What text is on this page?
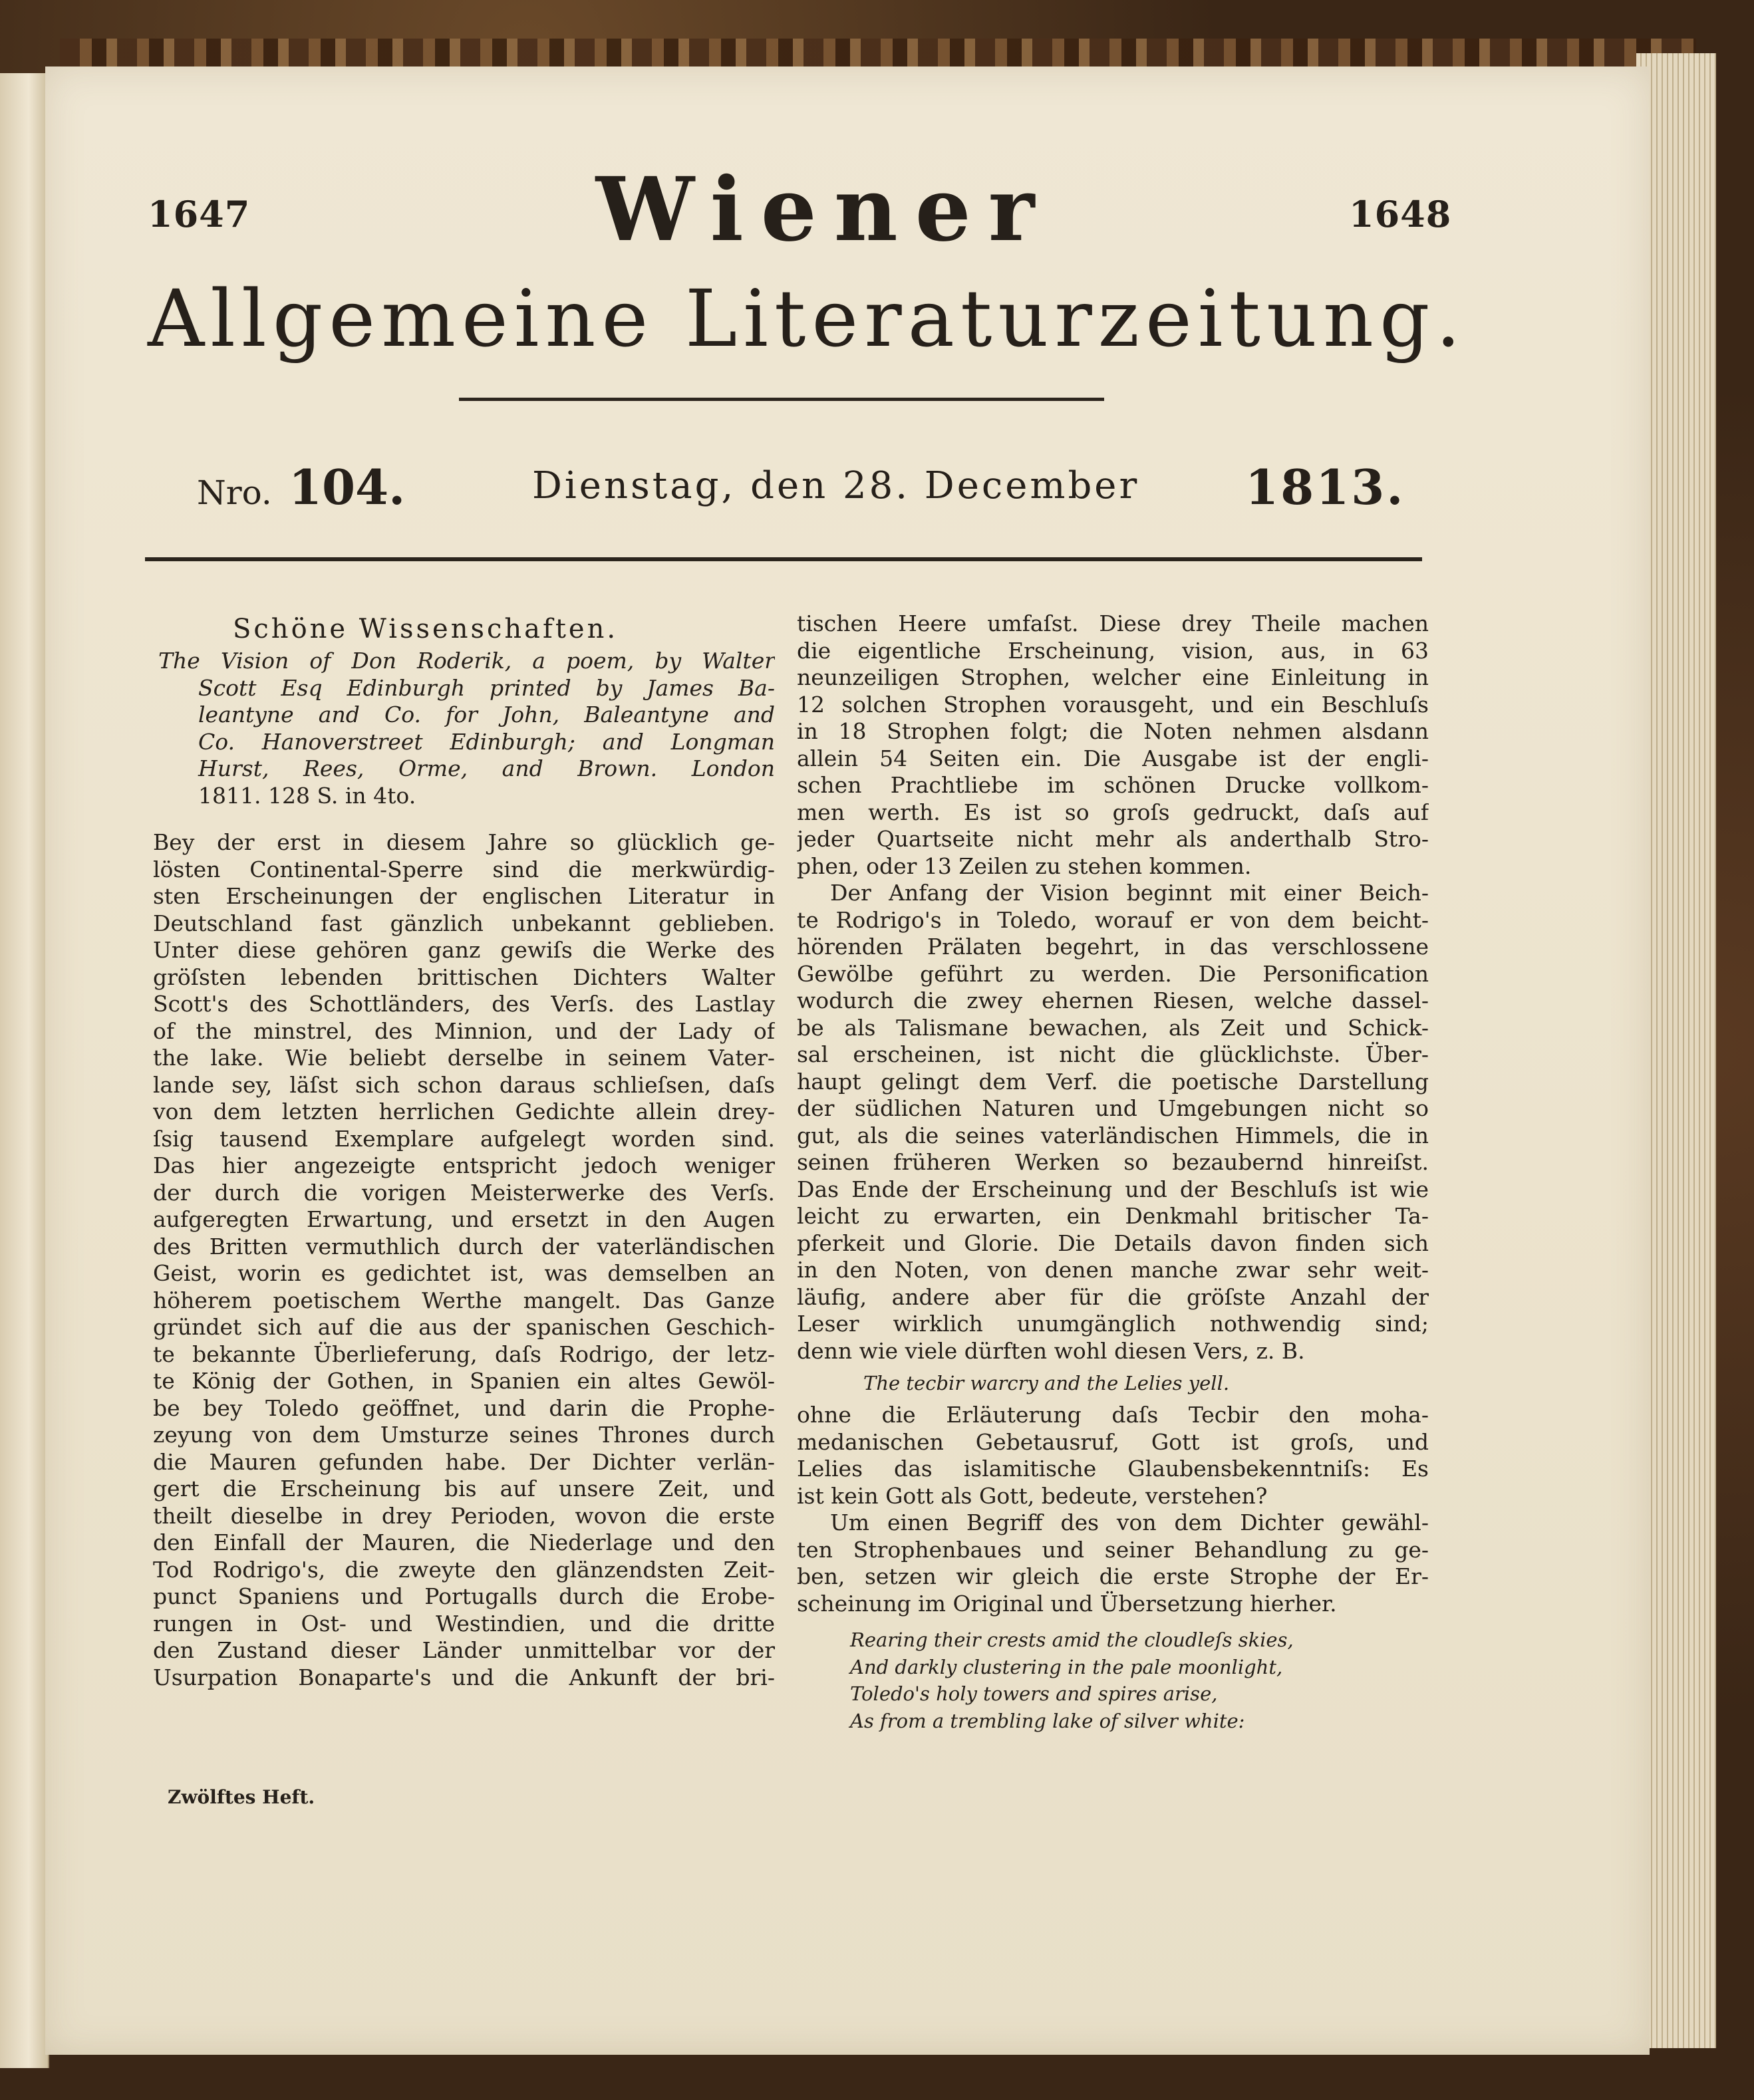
1647	1648
Wiener
Allgemeine Literaturzeitung.
Nro. 104.	Dienstag, den 28. December 1813.
Schöne Wissenschaften.
The Vision of Don Roderik, a poem, by Walter
Scott Esq Edinburgh printed by James Ba-
leantyne and Co. for John, Baleantyne and
Co. Hanoverstreet Edinburgh; and Longman
Hurst, Rees, Orme, and Brown. London
1811. 128 S. in 4to.
Bey der erst in diesem Jahre so glücklich ge-
lösten Continental-Sperre sind die merkwürdig-
sten Erscheinungen der englischen Literatur in
Deutschland fast gänzlich unbekannt geblieben.
Unter diese gehören ganz gewiſs die Werke des
gröſsten lebenden brittischen Dichters Walter
Scott's des Schottländers, des Verſs. des Lastlay
of the minstrel, des Minnion, und der Lady of
the lake. Wie beliebt derselbe in seinem Vater-
lande sey, läſst sich schon daraus schlieſsen, daſs
von dem letzten herrlichen Gedichte allein drey-
ſsig tausend Exemplare aufgelegt worden sind.
Das hier angezeigte entspricht jedoch weniger
der durch die vorigen Meisterwerke des Verſs.
aufgeregten Erwartung, und ersetzt in den Augen
des Britten vermuthlich durch der vaterländischen
Geist, worin es gedichtet ist, was demselben an
höherem poetischem Werthe mangelt. Das Ganze
gründet sich auf die aus der spanischen Geschich-
te bekannte Überlieferung, daſs Rodrigo, der letz-
te König der Gothen, in Spanien ein altes Gewöl-
be bey Toledo geöffnet, und darin die Prophe-
zeyung von dem Umsturze seines Thrones durch
die Mauren gefunden habe. Der Dichter verlän-
gert die Erscheinung bis auf unsere Zeit, und
theilt dieselbe in drey Perioden, wovon die erste
den Einfall der Mauren, die Niederlage und den
Tod Rodrigo's, die zweyte den glänzendsten Zeit-
punct Spaniens und Portugalls durch die Erobe-
rungen in Ost- und Westindien, und die dritte
den Zustand dieser Länder unmittelbar vor der
Usurpation Bonaparte's und die Ankunft der bri-
Zwölftes Heft.
tischen Heere umfaſst. Diese drey Theile machen
die eigentliche Erscheinung, vision, aus, in 63
neunzeiligen Strophen, welcher eine Einleitung in
12 solchen Strophen vorausgeht, und ein Beschluſs
in 18 Strophen folgt; die Noten nehmen alsdann
allein 54 Seiten ein. Die Ausgabe ist der engli-
schen Prachtliebe im schönen Drucke vollkom-
men werth. Es ist so groſs gedruckt, daſs auf
jeder Quartseite nicht mehr als anderthalb Stro-
phen, oder 13 Zeilen zu stehen kommen.
Der Anfang der Vision beginnt mit einer Beich-
te Rodrigo's in Toledo, worauf er von dem beicht-
hörenden Prälaten begehrt, in das verschlossene
Gewölbe geführt zu werden. Die Personification
wodurch die zwey ehernen Riesen, welche dassel-
be als Talismane bewachen, als Zeit und Schick-
sal erscheinen, ist nicht die glücklichste. Über-
haupt gelingt dem Verf. die poetische Darstellung
der südlichen Naturen und Umgebungen nicht so
gut, als die seines vaterländischen Himmels, die in
seinen früheren Werken so bezaubernd hinreiſst.
Das Ende der Erscheinung und der Beschluſs ist wie
leicht zu erwarten, ein Denkmahl britischer Ta-
pferkeit und Glorie. Die Details davon finden sich
in den Noten, von denen manche zwar sehr weit-
läufig, andere aber für die gröſste Anzahl der
Leser wirklich unumgänglich nothwendig sind;
denn wie viele dürften wohl diesen Vers, z. B.
The tecbir warcry and the Lelies yell.
ohne die Erläuterung daſs Tecbir den moha-
medanischen Gebetausruf, Gott ist groſs, und
Lelies das islamitische Glaubensbekenntniſs: Es
ist kein Gott als Gott, bedeute, verstehen?
Um einen Begriff des von dem Dichter gewähl-
ten Strophenbaues und seiner Behandlung zu ge-
ben, setzen wir gleich die erste Strophe der Er-
scheinung im Original und Übersetzung hierher.
Rearing their crests amid the cloudleſs skies,
And darkly clustering in the pale moonlight,
Toledo's holy towers and spires arise,
As from a trembling lake of silver white:
